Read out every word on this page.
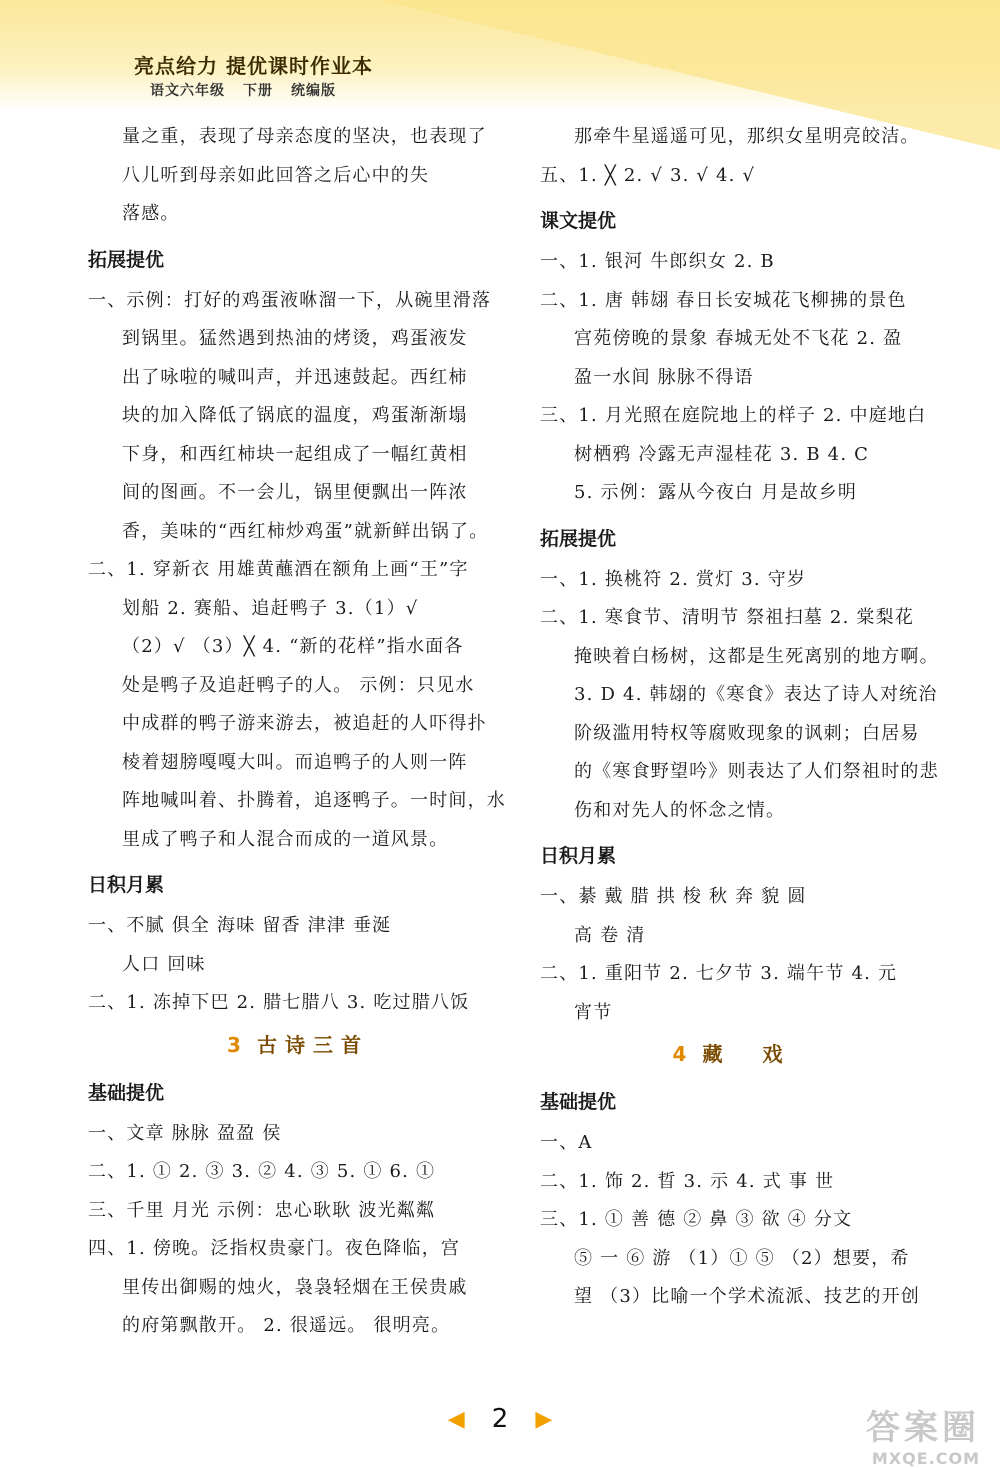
亮点给力 提优课时作业本
语文六年级 下册 统编版
量之重，表现了母亲态度的坚决，也表现了
八儿听到母亲如此回答之后心中的失
落感。
拓展提优
一、示例：打好的鸡蛋液咻溜一下，从碗里滑落
到锅里。猛然遇到热油的烤烫，鸡蛋液发
出了咏啦的喊叫声，并迅速鼓起。西红柿
块的加入降低了锅底的温度，鸡蛋渐渐塌
下身，和西红柿块一起组成了一幅红黄相
间的图画。不一会儿，锅里便飘出一阵浓
香，美味的“西红柿炒鸡蛋”就新鲜出锅了。
二、1. 穿新衣 用雄黄蘸酒在额角上画“王”字
划船 2. 赛船、追赶鸭子 3.（1）√
（2）√ （3）╳ 4. “新的花样”指水面各
处是鸭子及追赶鸭子的人。 示例：只见水
中成群的鸭子游来游去，被追赶的人吓得扑
棱着翅膀嘎嘎大叫。而追鸭子的人则一阵
阵地喊叫着、扑腾着，追逐鸭子。一时间，水
里成了鸭子和人混合而成的一道风景。
日积月累
一、不腻 俱全 海味 留香 津津 垂涎
人口 回味
二、1. 冻掉下巴 2. 腊七腊八 3. 吃过腊八饭
3 古诗三首
基础提优
一、文章 脉脉 盈盈 侯
二、1. ① 2. ③ 3. ② 4. ③ 5. ① 6. ①
三、千里 月光 示例：忠心耿耿 波光粼粼
四、1. 傍晚。泛指权贵豪门。夜色降临，宫
里传出御赐的烛火，袅袅轻烟在王侯贵戚
的府第飘散开。 2. 很遥远。 很明亮。
那牵牛星遥遥可见，那织女星明亮皎洁。
五、1. ╳ 2. √ 3. √ 4. √
课文提优
一、1. 银河 牛郎织女 2. B
二、1. 唐 韩翃 春日长安城花飞柳拂的景色
宫苑傍晚的景象 春城无处不飞花 2. 盈
盈一水间 脉脉不得语
三、1. 月光照在庭院地上的样子 2. 中庭地白
树栖鸦 冷露无声湿桂花 3. B 4. C
5. 示例：露从今夜白 月是故乡明
拓展提优
一、1. 换桃符 2. 赏灯 3. 守岁
二、1. 寒食节、清明节 祭祖扫墓 2. 棠梨花
掩映着白杨树，这都是生死离别的地方啊。
3. D 4. 韩翃的《寒食》表达了诗人对统治
阶级滥用特权等腐败现象的讽刺；白居易
的《寒食野望吟》则表达了人们祭祖时的悲
伤和对先人的怀念之情。
日积月累
一、綦 戴 腊 拱 梭 秋 奔 貌 圆
高 卷 清
二、1. 重阳节 2. 七夕节 3. 端午节 4. 元
宵节
4 藏戏
基础提优
一、A
二、1. 饰 2. 晢 3. 示 4. 式 事 世
三、1. ① 善 德 ② 鼻 ③ 欲 ④ 分文
⑤ 一 ⑥ 游 （1）① ⑤ （2）想要，希
望 （3）比喻一个学术流派、技艺的开创
◀ 2 ▶	答案圈
MXQE.COM
